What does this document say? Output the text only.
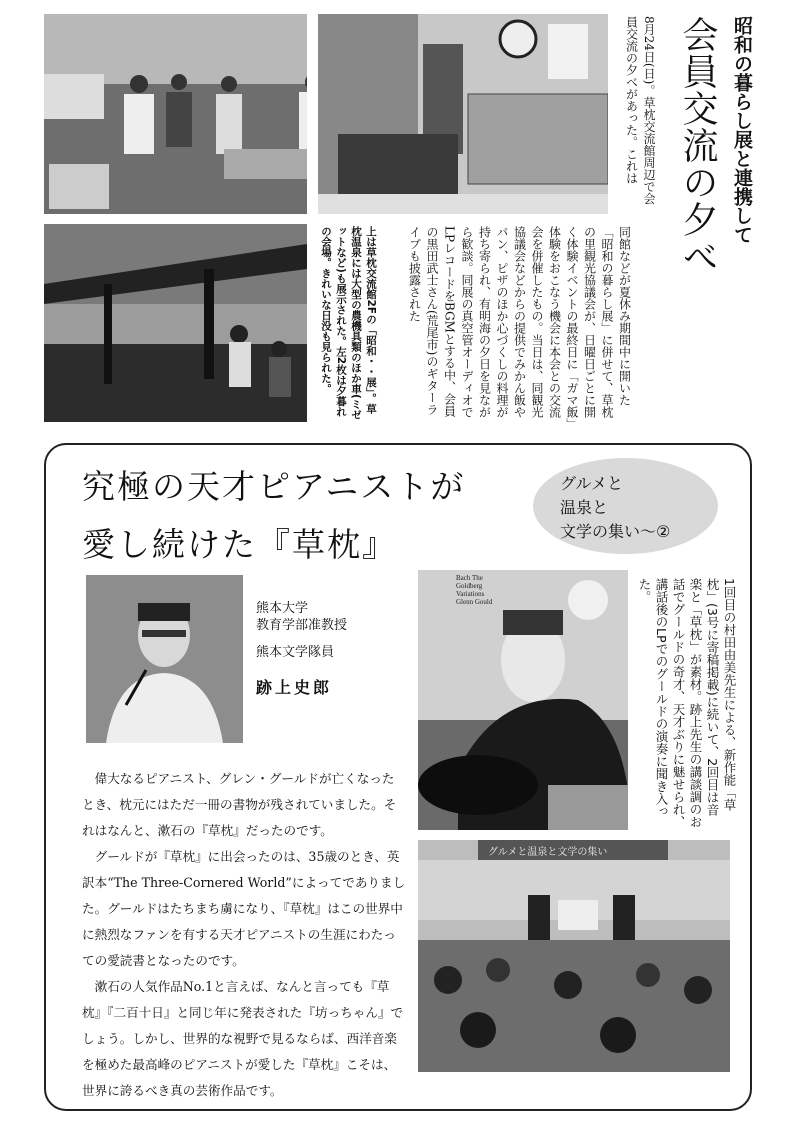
上は草枕交流館2Fの「昭和・・展」。草枕温泉には大型の農機具類のほか車(ミゼットなど)も展示された。左2枚は夕暮れの会場。きれいな日没も見られた。	同館などが夏休み期間中に開いた「昭和の暮らし展」に併せて、草枕の里観光協議会が、日曜日ごとに開く体験イベントの最終日に「ガマ飯」体験をおこなう機会に本会との交流会を併催したもの。当日は、同観光協議会などからの提供でみかん飯やパン、ピザのほか心づくしの料理が持ち寄られ、有明海の夕日を見ながら歓談。同展の真空管オーディオでLPレコードをBGMとする中、会員の黒田武士さん(荒尾市)のギターライブも披露された
8月24日(日)。草枕交流館周辺で会員交流の夕べがあった。これは	会員交流の夕べ 昭和の暮らし展と連携して
究極の天才ピアニストが
愛し続けた『草枕』
グルメと
温泉と
文学の集い～②
熊本大学
教育学部准教授
熊本文学隊員
跡上史郎
Bach The Goldberg Variations Glenn Gould	1回目の村田由美先生による、新作能「草枕」(3号に寄稿掲載)に続いて、2回目は音楽と「草枕」が素材。跡上先生の講談調のお話でグールドの奇才、天才ぶりに魅せられ、講話後のLPでのグールドの演奏に聞き入った。
グルメと温泉と文学の集い

偉大なるピアニスト、グレン・グールドが亡くなったとき、枕元にはただ一冊の書物が残されていました。それはなんと、漱石の『草枕』だったのです。

グールドが『草枕』に出会ったのは、35歳のとき、英訳本“The Three-Cornered World”によってでありました。グールドはたちまち虜になり、『草枕』はこの世界中に熱烈なファンを有する天才ピアニストの生涯にわたっての愛読書となったのです。

漱石の人気作品No.1と言えば、なんと言っても『草枕』『二百十日』と同じ年に発表された『坊っちゃん』でしょう。しかし、世界的な視野で見るならば、西洋音楽を極めた最高峰のピアニストが愛した『草枕』こそは、世界に誇るべき真の芸術作品です。
